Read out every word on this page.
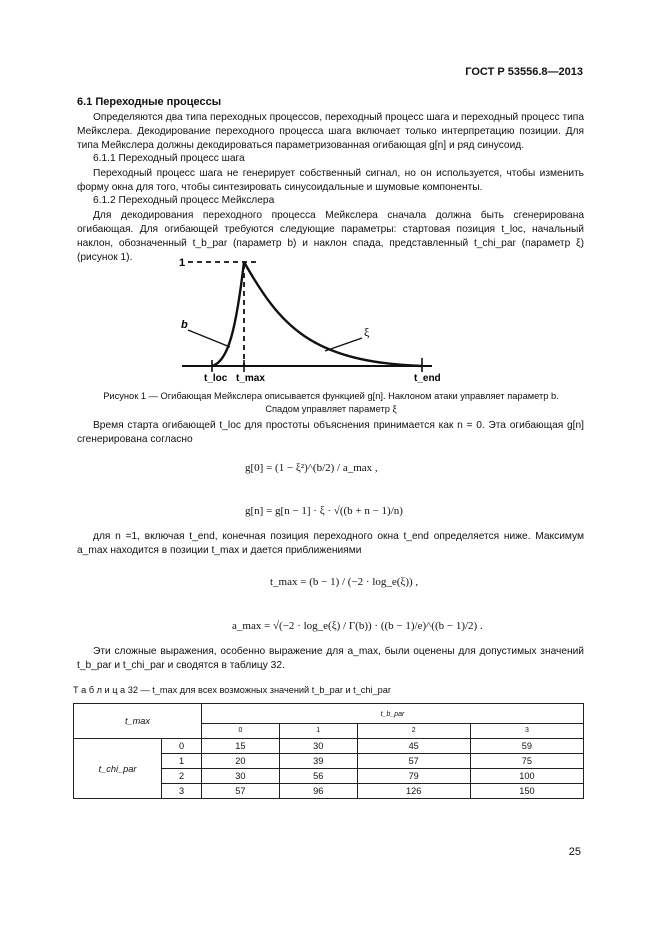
ГОСТ Р 53556.8—2013
6.1 Переходные процессы
Определяются два типа переходных процессов, переходный процесс шага и переходный процесс типа Мейкслера. Декодирование переходного процесса шага включает только интерпретацию позиции. Для типа Мейкслера должны декодироваться параметризованная огибающая g[n] и ряд синусоид.
6.1.1 Переходный процесс шага
Переходный процесс шага не генерирует собственный сигнал, но он используется, чтобы изменить форму окна для того, чтобы синтезировать синусоидальные и шумовые компоненты.
6.1.2 Переходный процесс Мейкслера
Для декодирования переходного процесса Мейкслера сначала должна быть сгенерирована огибающая. Для огибающей требуются следующие параметры: стартовая позиция t_loc, начальный наклон, обозначенный t_b_par (параметр b) и наклон спада, представленный t_chi_par (параметр ξ) (рисунок 1).	1
b	ξ
t_loc t_max	t_end
Рисунок 1 — Огибающая Мейкслера описывается функцией g[n]. Наклоном атаки управляет параметр b.
Спадом управляет параметр ξ
Время старта огибающей t_loc для простоты объяснения принимается как n = 0. Эта огибающая g[n] сгенерирована согласно
g[0] = (1 − ξ²)^(b/2) / a_max ,
g[n] = g[n − 1] · ξ · √((b + n − 1)/n)
для n =1, включая t_end, конечная позиция переходного окна t_end определяется ниже. Максимум a_max находится в позиции t_max и дается приближениями
t_max = (b − 1) / (−2 · log_e(ξ)) ,
a_max = √(−2 · log_e(ξ) / Γ(b)) · ((b − 1)/e)^((b − 1)/2) .
Эти сложные выражения, особенно выражение для a_max, были оценены для допустимых значений t_b_par и t_chi_par и сводятся в таблицу 32.
Т а б л и ц а 32 — t_max для всех возможных значений t_b_par и t_chi_par
t_max		t_b_par			
		0	1	2	3
t_chi_par	0	15	30	45	59
	1	20	39	57	75
	2	30	56	79	100
	3	57	96	126	150
25
